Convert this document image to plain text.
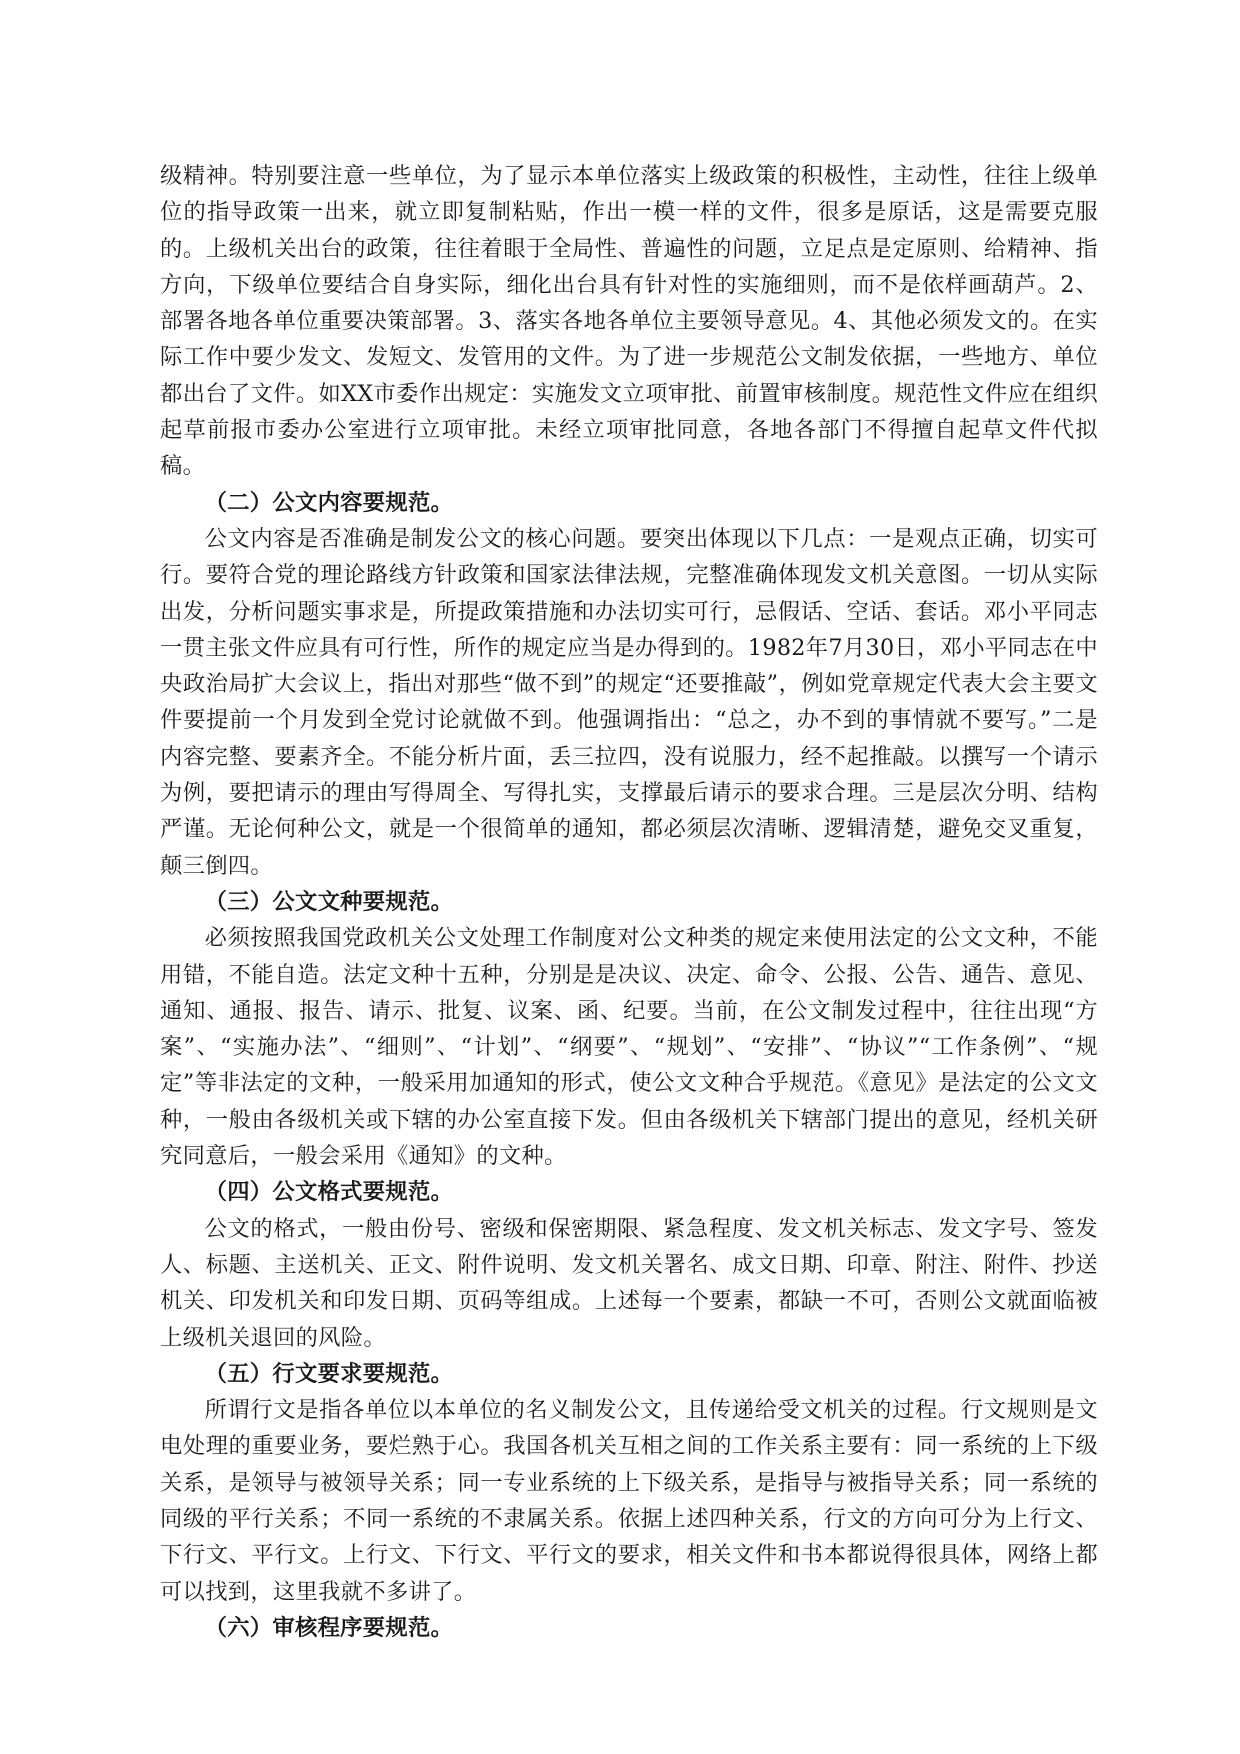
级精神。特别要注意一些单位，为了显示本单位落实上级政策的积极性，主动性，往往上级单位的指导政策一出来，就立即复制粘贴，作出一模一样的文件，很多是原话，这是需要克服的。上级机关出台的政策，往往着眼于全局性、普遍性的问题，立足点是定原则、给精神、指方向，下级单位要结合自身实际，细化出台具有针对性的实施细则，而不是依样画葫芦。2、部署各地各单位重要决策部署。3、落实各地各单位主要领导意见。4、其他必须发文的。在实际工作中要少发文、发短文、发管用的文件。为了进一步规范公文制发依据，一些地方、单位都出台了文件。如XX市委作出规定：实施发文立项审批、前置审核制度。规范性文件应在组织起草前报市委办公室进行立项审批。未经立项审批同意，各地各部门不得擅自起草文件代拟稿。

（二）公文内容要规范。

公文内容是否准确是制发公文的核心问题。要突出体现以下几点：一是观点正确，切实可行。要符合党的理论路线方针政策和国家法律法规，完整准确体现发文机关意图。一切从实际出发，分析问题实事求是，所提政策措施和办法切实可行，忌假话、空话、套话。邓小平同志一贯主张文件应具有可行性，所作的规定应当是办得到的。1982年7月30日，邓小平同志在中央政治局扩大会议上，指出对那些“做不到”的规定“还要推敲”，例如党章规定代表大会主要文件要提前一个月发到全党讨论就做不到。他强调指出：“总之，办不到的事情就不要写。”二是内容完整、要素齐全。不能分析片面，丢三拉四，没有说服力，经不起推敲。以撰写一个请示为例，要把请示的理由写得周全、写得扎实，支撑最后请示的要求合理。三是层次分明、结构严谨。无论何种公文，就是一个很简单的通知，都必须层次清晰、逻辑清楚，避免交叉重复，颠三倒四。

（三）公文文种要规范。

必须按照我国党政机关公文处理工作制度对公文种类的规定来使用法定的公文文种，不能用错，不能自造。法定文种十五种，分别是是决议、决定、命令、公报、公告、通告、意见、通知、通报、报告、请示、批复、议案、函、纪要。当前，在公文制发过程中，往往出现“方案”、“实施办法”、“细则”、“计划”、“纲要”、“规划”、“安排”、“协议”“工作条例”、“规定”等非法定的文种，一般采用加通知的形式，使公文文种合乎规范。《意见》是法定的公文文种，一般由各级机关或下辖的办公室直接下发。但由各级机关下辖部门提出的意见，经机关研究同意后，一般会采用《通知》的文种。

（四）公文格式要规范。

公文的格式，一般由份号、密级和保密期限、紧急程度、发文机关标志、发文字号、签发人、标题、主送机关、正文、附件说明、发文机关署名、成文日期、印章、附注、附件、抄送机关、印发机关和印发日期、页码等组成。上述每一个要素，都缺一不可，否则公文就面临被上级机关退回的风险。

（五）行文要求要规范。

所谓行文是指各单位以本单位的名义制发公文，且传递给受文机关的过程。行文规则是文电处理的重要业务，要烂熟于心。我国各机关互相之间的工作关系主要有：同一系统的上下级关系，是领导与被领导关系；同一专业系统的上下级关系，是指导与被指导关系；同一系统的同级的平行关系；不同一系统的不隶属关系。依据上述四种关系，行文的方向可分为上行文、下行文、平行文。上行文、下行文、平行文的要求，相关文件和书本都说得很具体，网络上都可以找到，这里我就不多讲了。

（六）审核程序要规范。
